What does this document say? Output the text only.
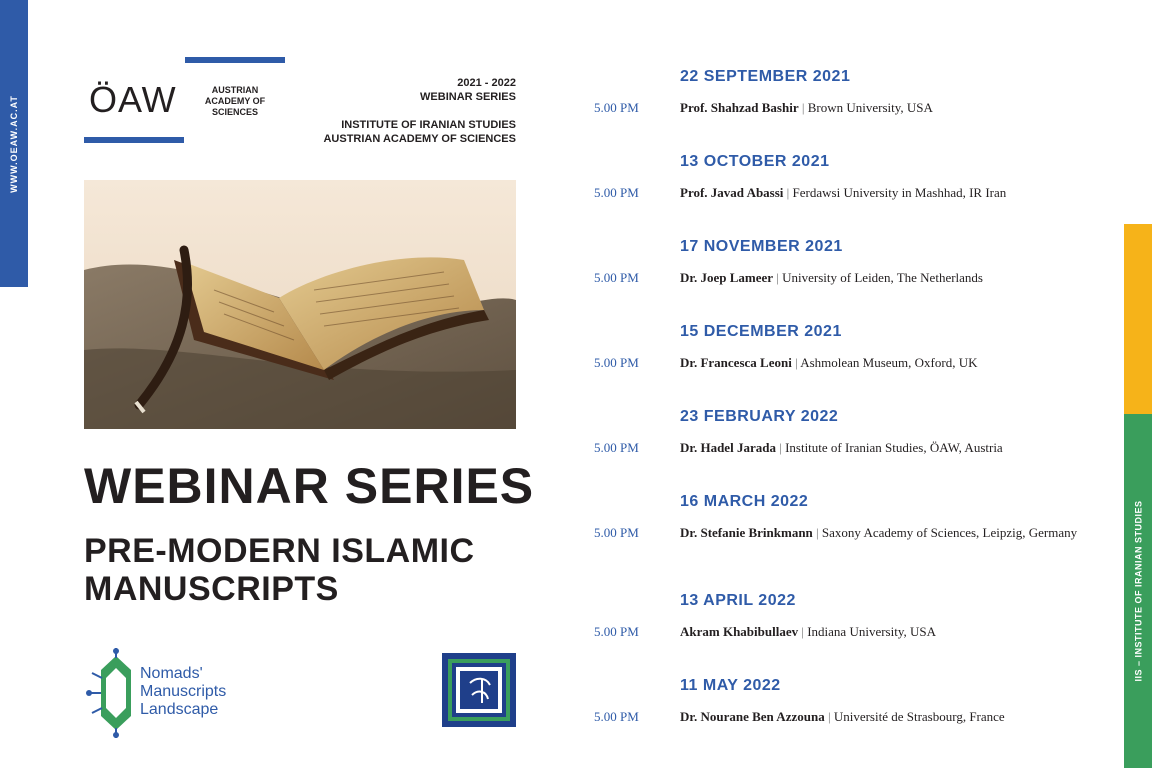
WWW.OEAW.AC.AT
IIS – INSTITUTE OF IRANIAN STUDIES
ÖAW	AUSTRIAN
ACADEMY OF
SCIENCES
2021 - 2022
WEBINAR SERIES
INSTITUTE OF IRANIAN STUDIES
AUSTRIAN ACADEMY OF SCIENCES
WEBINAR SERIES
PRE-MODERN ISLAMIC
MANUSCRIPTS
Nomads'
Manuscripts
Landscape
22 SEPTEMBER 2021
5.00 PM	Prof. Shahzad Bashir | Brown University, USA
13 OCTOBER 2021
5.00 PM	Prof. Javad Abassi | Ferdawsi University in Mashhad, IR Iran
17 NOVEMBER 2021
5.00 PM	Dr. Joep Lameer | University of Leiden, The Netherlands
15 DECEMBER 2021
5.00 PM	Dr. Francesca Leoni | Ashmolean Museum, Oxford, UK
23 FEBRUARY 2022
5.00 PM	Dr. Hadel Jarada | Institute of Iranian Studies, ÖAW, Austria
16 MARCH 2022
5.00 PM	Dr. Stefanie Brinkmann | Saxony Academy of Sciences, Leipzig, Germany
13 APRIL 2022
5.00 PM	Akram Khabibullaev | Indiana University, USA
11 MAY 2022
5.00 PM	Dr. Nourane Ben Azzouna | Université de Strasbourg, France
